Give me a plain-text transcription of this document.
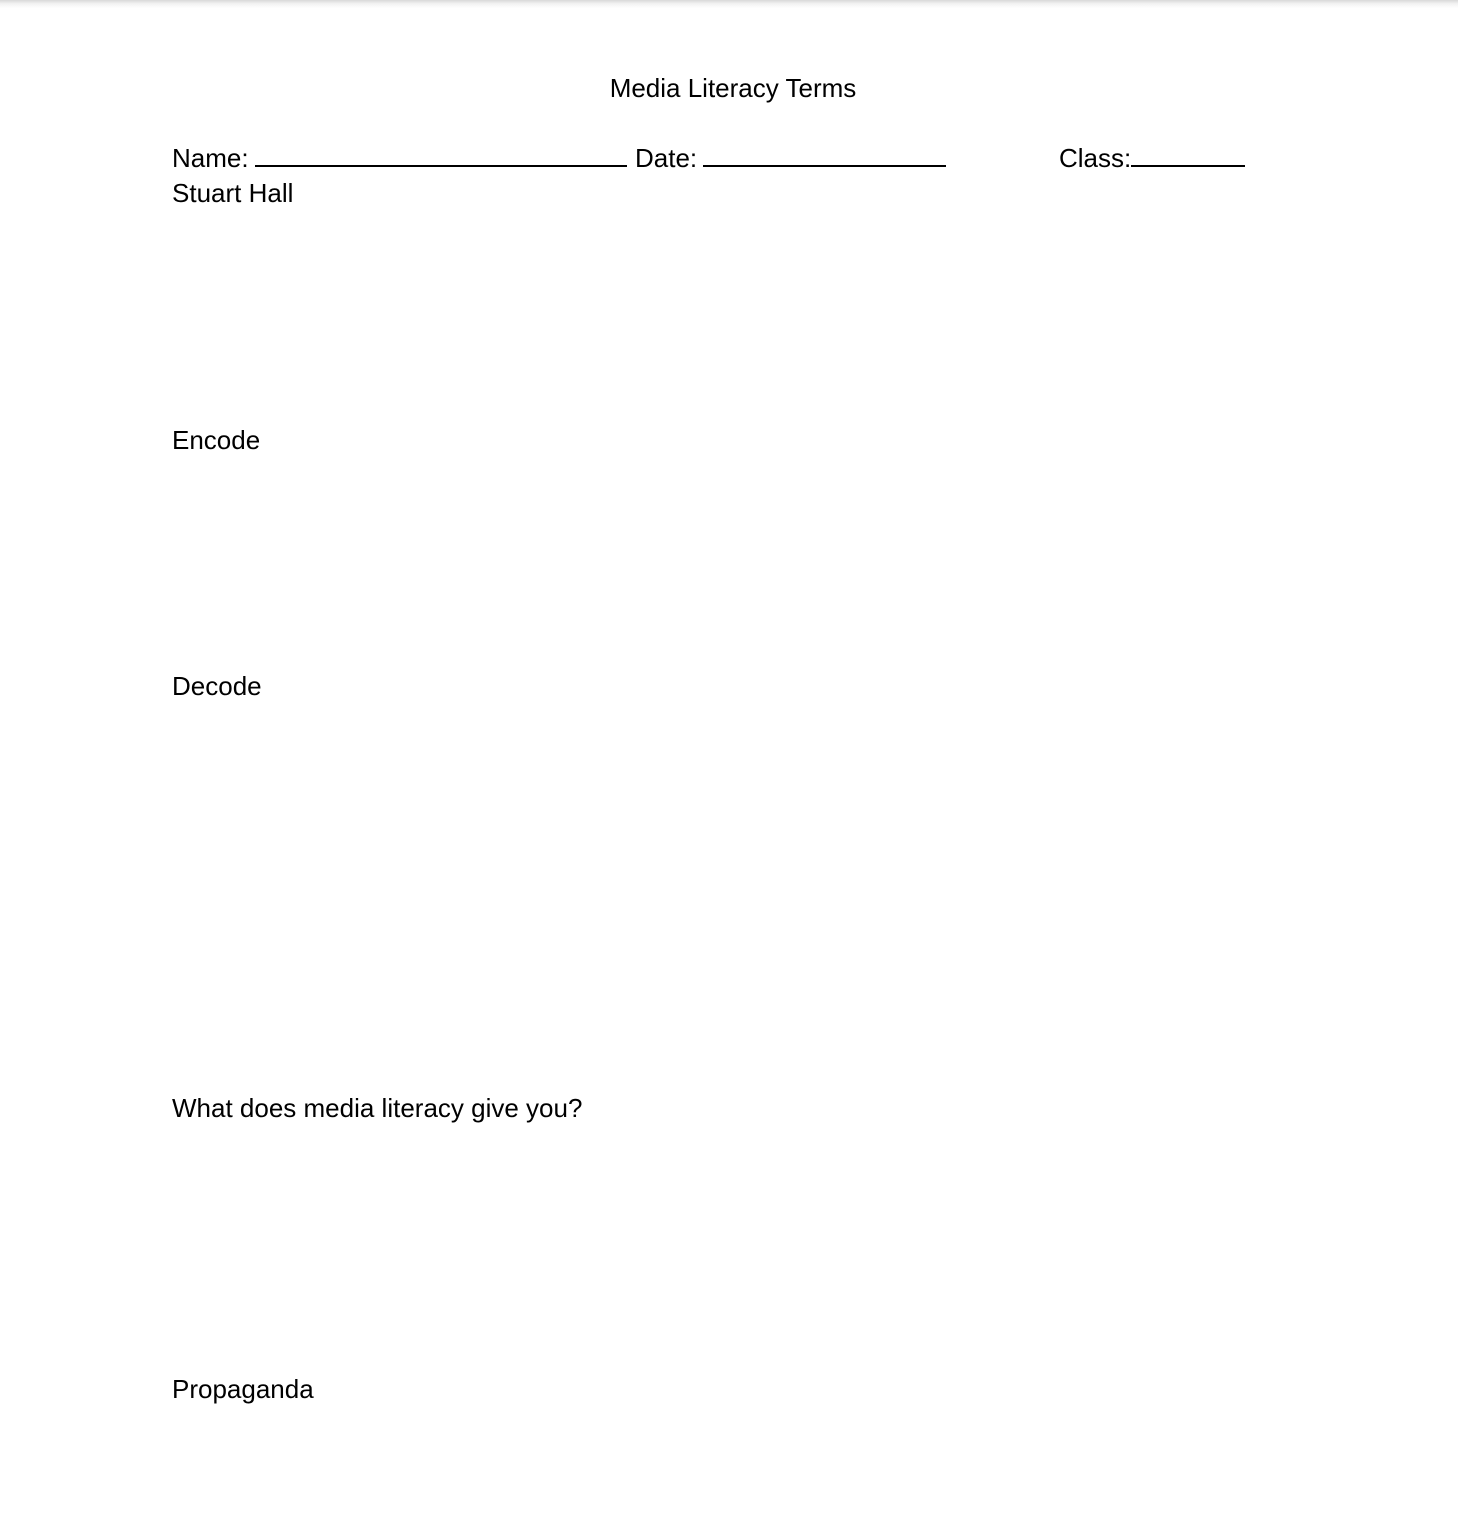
Media Literacy Terms
Name:	Date:	Class:
Stuart Hall
Encode
Decode
What does media literacy give you?
Propaganda
